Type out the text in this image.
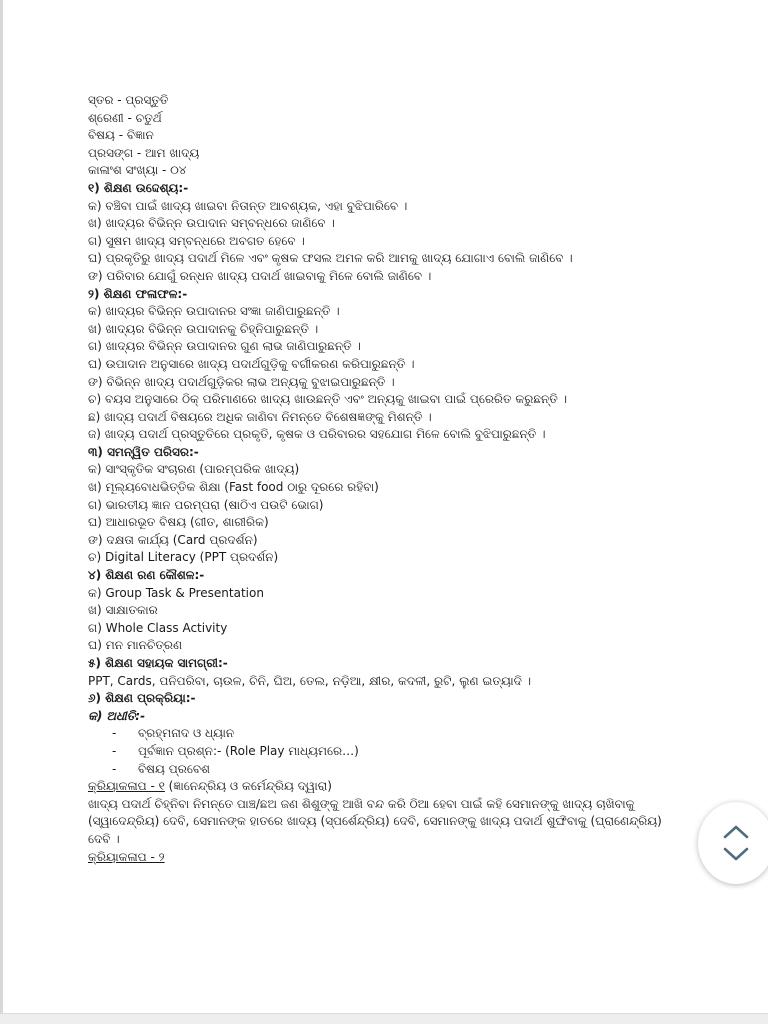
ସ୍ତର - ପ୍ରସ୍ତୁତି
ଶ୍ରେଣୀ - ଚତୁର୍ଥ
ବିଷୟ - ବିଜ୍ଞାନ
ପ୍ରସଙ୍ଗ - ଆମ ଖାଦ୍ୟ
କାଳାଂଶ ସଂଖ୍ୟା - ୦୪
୧) ଶିକ୍ଷଣ ଉଦ୍ଦେଶ୍ୟ:-
କ) ବଞ୍ଚିବା ପାଇଁ ଖାଦ୍ୟ ଖାଇବା ନିତାନ୍ତ ଆବଶ୍ୟକ, ଏହା ବୁଝିପାରିବେ ।
ଖ) ଖାଦ୍ୟର ବିଭିନ୍ନ ଉପାଦାନ ସମ୍ବନ୍ଧରେ ଜାଣିବେ ।
ଗ) ସୁଷମ ଖାଦ୍ୟ ସମ୍ବନ୍ଧରେ ଅବଗତ ହେବେ ।
ଘ) ପ୍ରକୃତିରୁ ଖାଦ୍ୟ ପଦାର୍ଥ ମିଳେ ଏବଂ କୃଷକ ଫସଲ ଅମଳ କରି ଆମକୁ ଖାଦ୍ୟ ଯୋଗାଏ ବୋଲି ଜାଣିବେ ।
ଙ) ପରିବାର ଯୋଗୁଁ ରନ୍ଧନ ଖାଦ୍ୟ ପଦାର୍ଥ ଖାଇବାକୁ ମିଳେ ବୋଲି ଜାଣିବେ ।
୨) ଶିକ୍ଷଣ ଫଳାଫଳ:-
କ) ଖାଦ୍ୟର ବିଭିନ୍ନ ଉପାଦାନର ସଂଜ୍ଞା ଜାଣିପାରୁଛନ୍ତି ।
ଖ) ଖାଦ୍ୟର ବିଭିନ୍ନ ଉପାଦାନକୁ ଚିହ୍ନିପାରୁଛନ୍ତି ।
ଗ) ଖାଦ୍ୟର ବିଭିନ୍ନ ଉପାଦାନର ଗୁଣ ଲାଭ ଜାଣିପାରୁଛନ୍ତି ।
ଘ) ଉପାଦାନ ଅନୁସାରେ ଖାଦ୍ୟ ପଦାର୍ଥଗୁଡ଼ିକୁ ବର୍ଗୀକରଣ କରିପାରୁଛନ୍ତି ।
ଙ) ବିଭିନ୍ନ ଖାଦ୍ୟ ପଦାର୍ଥଗୁଡ଼ିକର ଲାଭ ଅନ୍ୟକୁ ବୁଝାଇପାରୁଛନ୍ତି ।
ଚ) ବୟସ ଅନୁସାରେ ଠିକ୍ ପରିମାଣରେ ଖାଦ୍ୟ ଖାଉଛନ୍ତି ଏବଂ ଅନ୍ୟକୁ ଖାଇବା ପାଇଁ ପ୍ରେରିତ କରୁଛନ୍ତି ।
ଛ) ଖାଦ୍ୟ ପଦାର୍ଥ ବିଷୟରେ ଅଧିକ ଜାଣିବା ନିମନ୍ତେ ବିଶେଷଜ୍ଞଙ୍କୁ ମିଶନ୍ତି ।
ଜ) ଖାଦ୍ୟ ପଦାର୍ଥ ପ୍ରସ୍ତୁତିରେ ପ୍ରକୃତି, କୃଷକ ଓ ପରିବାରର ସହଯୋଗ ମିଳେ ବୋଲି ବୁଝିପାରୁଛନ୍ତି ।
୩) ସମନ୍ୱିତ ପରିସର:-
କ) ସାଂସ୍କୃତିକ ସଂଚାରଣ (ପାରମ୍ପରିକ ଖାଦ୍ୟ)
ଖ) ମୂଲ୍ୟବୋଧଭିତ୍ତିକ ଶିକ୍ଷା (Fast food ଠାରୁ ଦୂରରେ ରହିବା)
ଗ) ଭାରତୀୟ ଜ୍ଞାନ ପରମ୍ପରା (ଷାଠିଏ ପଉଟି ଭୋଗ)
ଘ) ଆଧାରଭୂତ ବିଷୟ (ଗୀତ, ଶାରୀରିକ)
ଙ) ଦକ୍ଷତା କାର୍ଯ୍ୟ (Card ପ୍ରଦର୍ଶନ)
ଚ) Digital Literacy (PPT ପ୍ରଦର୍ଶନ)
୪) ଶିକ୍ଷଣ ରଣ କୌଶଳ:-
କ) Group Task & Presentation
ଖ) ସାକ୍ଷାତକାର
ଗ) Whole Class Activity
ଘ) ମନ ମାନଚିତ୍ରଣ
୫) ଶିକ୍ଷଣ ସହାୟକ ସାମଗ୍ରୀ:-
PPT, Cards, ପନିପରିବା, ଚାଉଳ, ଚିନି, ଘିଅ, ତେଲ, ନଡ଼ିଆ, କ୍ଷୀର, କଦଳୀ, ରୁଟି, ଲୁଣ ଇତ୍ୟାଦି ।
୬) ଶିକ୍ଷଣ ପ୍ରକ୍ରିୟା:-
କ) ଅଧୀତି:-
- ବ୍ରହ୍ମନାଦ ଓ ଧ୍ୟାନ
- ପୂର୍ବଜ୍ଞାନ ପ୍ରଶ୍ନ:- (Role Play ମାଧ୍ୟମରେ…)
- ବିଷୟ ପ୍ରବେଶ
କ୍ରିୟାକଳାପ - ୧ (ଜ୍ଞାନେନ୍ଦ୍ରିୟ ଓ କର୍ମେନ୍ଦ୍ରିୟ ଦ୍ୱାରା)
ଖାଦ୍ୟ ପଦାର୍ଥ ଚିହ୍ନିବା ନିମନ୍ତେ ପାଞ୍ଚ/ଛଅ ଜଣ ଶିଶୁଙ୍କୁ ଆଖି ବନ୍ଦ କରି ଠିଆ ହେବା ପାଇଁ କହି ସେମାନଙ୍କୁ ଖାଦ୍ୟ ଚାଖିବାକୁ (ସ୍ୱାଦେନ୍ଦ୍ରିୟ) ଦେବି, ସେମାନଙ୍କ ହାତରେ ଖାଦ୍ୟ (ସ୍ପର୍ଶେନ୍ଦ୍ରିୟ) ଦେବି, ସେମାନଙ୍କୁ ଖାଦ୍ୟ ପଦାର୍ଥ ଶୁଙ୍ଘିବାକୁ (ଘ୍ରାଣେନ୍ଦ୍ରିୟ) ଦେବି ।
କ୍ରିୟାକଳାପ - ୨
